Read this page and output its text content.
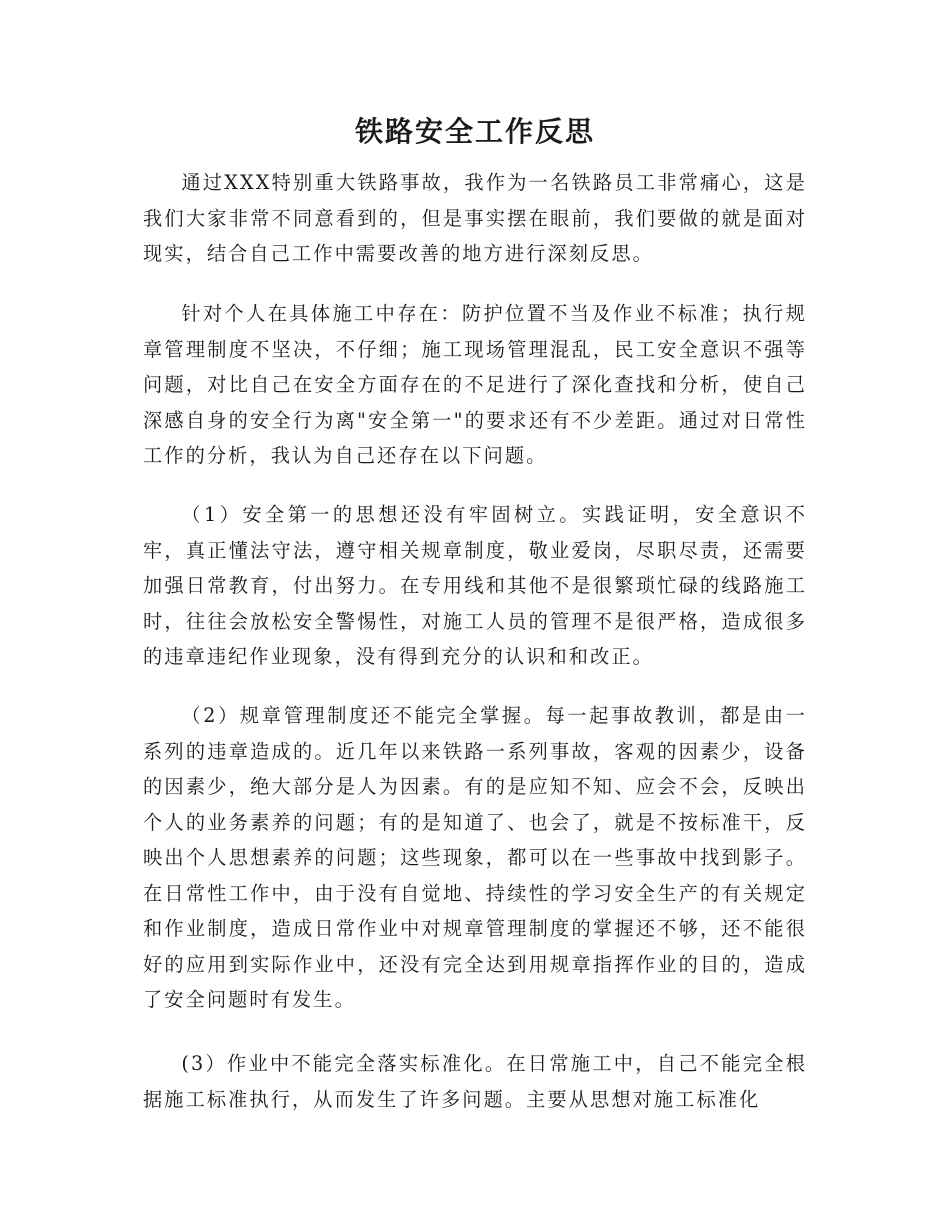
铁路安全工作反思

通过XXX特别重大铁路事故，我作为一名铁路员工非常痛心，这是我们大家非常不同意看到的，但是事实摆在眼前，我们要做的就是面对现实，结合自己工作中需要改善的地方进行深刻反思。

针对个人在具体施工中存在：防护位置不当及作业不标准；执行规章管理制度不坚决，不仔细；施工现场管理混乱，民工安全意识不强等问题，对比自己在安全方面存在的不足进行了深化查找和分析，使自己深感自身的安全行为离"安全第一"的要求还有不少差距。通过对日常性工作的分析，我认为自己还存在以下问题。

（1）安全第一的思想还没有牢固树立。实践证明，安全意识不牢，真正懂法守法，遵守相关规章制度，敬业爱岗，尽职尽责，还需要加强日常教育，付出努力。在专用线和其他不是很繁琐忙碌的线路施工时，往往会放松安全警惕性，对施工人员的管理不是很严格，造成很多的违章违纪作业现象，没有得到充分的认识和和改正。

（2）规章管理制度还不能完全掌握。每一起事故教训，都是由一系列的违章造成的。近几年以来铁路一系列事故，客观的因素少，设备的因素少，绝大部分是人为因素。有的是应知不知、应会不会，反映出个人的业务素养的问题；有的是知道了、也会了，就是不按标准干，反映出个人思想素养的问题；这些现象，都可以在一些事故中找到影子。在日常性工作中，由于没有自觉地、持续性的学习安全生产的有关规定和作业制度，造成日常作业中对规章管理制度的掌握还不够，还不能很好的应用到实际作业中，还没有完全达到用规章指挥作业的目的，造成了安全问题时有发生。

(3）作业中不能完全落实标准化。在日常施工中，自己不能完全根据施工标准执行，从而发生了许多问题。主要从思想对施工标准化
